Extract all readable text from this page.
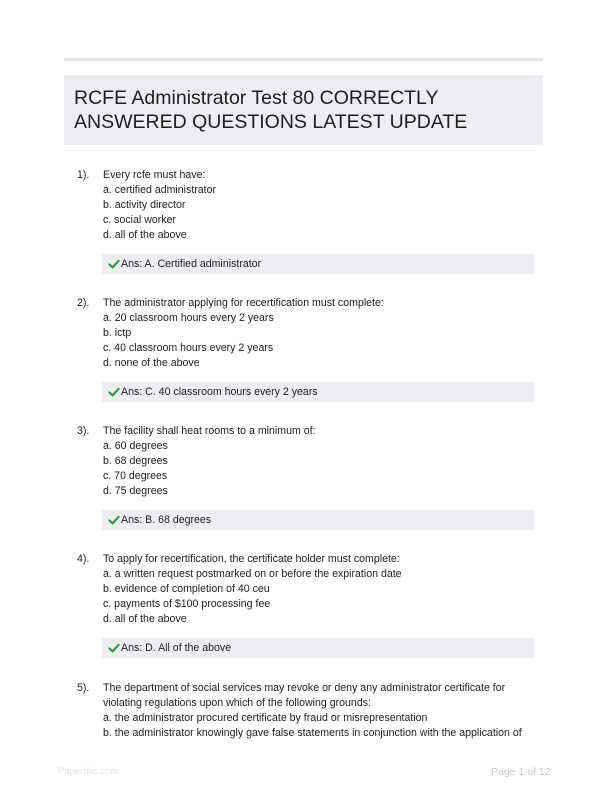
RCFE Administrator Test 80 CORRECTLY ANSWERED QUESTIONS LATEST UPDATE
1). Every rcfe must have:
a. certified administrator
b. activity director
c. social worker
d. all of the above
Ans: A. Certified administrator
2). The administrator applying for recertification must complete:
a. 20 classroom hours every 2 years
b. ictp
c. 40 classroom hours every 2 years
d. none of the above
Ans: C. 40 classroom hours every 2 years
3). The facility shall heat rooms to a minimum of:
a. 60 degrees
b. 68 degrees
c. 70 degrees
d. 75 degrees
Ans: B. 68 degrees
4). To apply for recertification, the certificate holder must complete:
a. a written request postmarked on or before the expiration date
b. evidence of completion of 40 ceu
c. payments of $100 processing fee
d. all of the above
Ans: D. All of the above
5). The department of social services may revoke or deny any administrator certificate for violating regulations upon which of the following grounds:
a. the administrator procured certificate by fraud or misrepresentation
b. the administrator knowingly gave false statements in conjunction with the application of
Paperblic.com	Page 1 of 12
